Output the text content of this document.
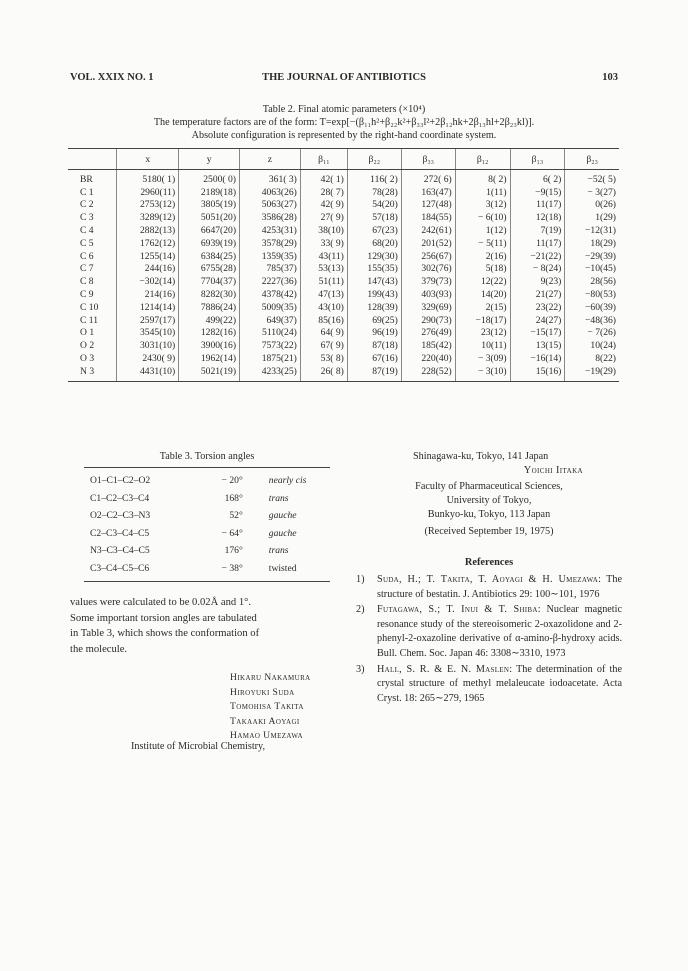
VOL. XXIX NO. 1	THE JOURNAL OF ANTIBIOTICS	103
Table 2. Final atomic parameters (×10⁴)
The temperature factors are of the form: T=exp[−(β₁₁h²+β₂₂k²+β₃₃l²+2β₁₂hk+2β₁₃hl+2β₂₃kl)].
Absolute configuration is represented by the right-hand coordinate system.
	x	y	z	β₁₁	β₂₂	β₃₃	β₁₂	β₁₃	β₂₃
BR	5180( 1)	2500( 0)	361( 3)	42( 1)	116( 2)	272( 6)	8( 2)	6( 2)	−52( 5)
C 1	2960(11)	2189(18)	4063(26)	28( 7)	78(28)	163(47)	1(11)	−9(15)	− 3(27)
C 2	2753(12)	3805(19)	5063(27)	42( 9)	54(20)	127(48)	3(12)	11(17)	0(26)
C 3	3289(12)	5051(20)	3586(28)	27( 9)	57(18)	184(55)	− 6(10)	12(18)	1(29)
C 4	2882(13)	6647(20)	4253(31)	38(10)	67(23)	242(61)	1(12)	7(19)	−12(31)
C 5	1762(12)	6939(19)	3578(29)	33( 9)	68(20)	201(52)	− 5(11)	11(17)	18(29)
C 6	1255(14)	6384(25)	1359(35)	43(11)	129(30)	256(67)	2(16)	−21(22)	−29(39)
C 7	244(16)	6755(28)	785(37)	53(13)	155(35)	302(76)	5(18)	− 8(24)	−10(45)
C 8	−302(14)	7704(37)	2227(36)	51(11)	147(43)	379(73)	12(22)	9(23)	28(56)
C 9	214(16)	8282(30)	4378(42)	47(13)	199(43)	403(93)	14(20)	21(27)	−80(53)
C 10	1214(14)	7886(24)	5009(35)	43(10)	128(39)	329(69)	2(15)	23(22)	−60(39)
C 11	2597(17)	499(22)	649(37)	85(16)	69(25)	290(73)	−18(17)	24(27)	−48(36)
O 1	3545(10)	1282(16)	5110(24)	64( 9)	96(19)	276(49)	23(12)	−15(17)	− 7(26)
O 2	3031(10)	3900(16)	7573(22)	67( 9)	87(18)	185(42)	10(11)	13(15)	10(24)
O 3	2430( 9)	1962(14)	1875(21)	53( 8)	67(16)	220(40)	− 3(09)	−16(14)	8(22)
N 3	4431(10)	5021(19)	4233(25)	26( 8)	87(19)	228(52)	− 3(10)	15(16)	−19(29)
Table 3. Torsion angles
O1–C1–C2–O2	− 20°	nearly cis
C1–C2–C3–C4	168°	trans
O2–C2–C3–N3	52°	gauche
C2–C3–C4–C5	− 64°	gauche
N3–C3–C4–C5	176°	trans
C3–C4–C5–C6	− 38°	twisted

values were calculated to be 0.02Å and 1°.

Some important torsion angles are tabulated

in Table 3, which shows the conformation of

the molecule.

Hikaru Nakamura
Hiroyuki Suda
Tomohisa Takita
Takaaki Aoyagi
Hamao Umezawa
Institute of Microbial Chemistry,
Shinagawa-ku, Tokyo, 141 Japan
Yoichi Iitaka
Faculty of Pharmaceutical Sciences,
University of Tokyo,
Bunkyo-ku, Tokyo, 113 Japan
(Received September 19, 1975)
References
1) Suda, H.; T. Takita, T. Aoyagi & H. Umezawa: The structure of bestatin. J. Antibiotics 29: 100∼101, 1976
2) Futagawa, S.; T. Inui & T. Shiba: Nuclear magnetic resonance study of the stereoisomeric 2-oxazolidone and 2-phenyl-2-oxazoline derivative of α-amino-β-hydroxy acids. Bull. Chem. Soc. Japan 46: 3308∼3310, 1973
3) Hall, S. R. & E. N. Maslen: The determination of the crystal structure of methyl melaleucate iodoacetate. Acta Cryst. 18: 265∼279, 1965
